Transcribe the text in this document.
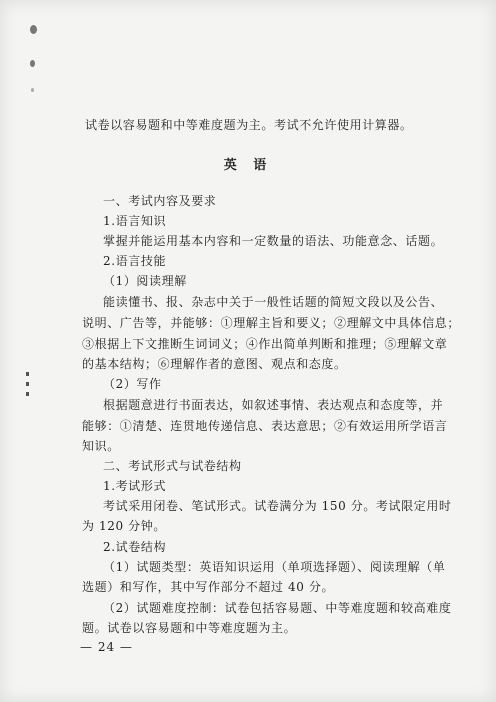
试卷以容易题和中等难度题为主。考试不允许使用计算器。
英 语
一、考试内容及要求
1.语言知识
掌握并能运用基本内容和一定数量的语法、功能意念、话题。
2.语言技能
（1）阅读理解
能读懂书、报、杂志中关于一般性话题的简短文段以及公告、
说明、广告等，并能够：①理解主旨和要义；②理解文中具体信息；
③根据上下文推断生词词义；④作出简单判断和推理；⑤理解文章
的基本结构；⑥理解作者的意图、观点和态度。
（2）写作
根据题意进行书面表达，如叙述事情、表达观点和态度等，并
能够：①清楚、连贯地传递信息、表达意思；②有效运用所学语言
知识。
二、考试形式与试卷结构
1.考试形式
考试采用闭卷、笔试形式。试卷满分为 150 分。考试限定用时
为 120 分钟。
2.试卷结构
（1）试题类型：英语知识运用（单项选择题）、阅读理解（单
选题）和写作，其中写作部分不超过 40 分。
（2）试题难度控制：试卷包括容易题、中等难度题和较高难度
题。试卷以容易题和中等难度题为主。
— 24 —
